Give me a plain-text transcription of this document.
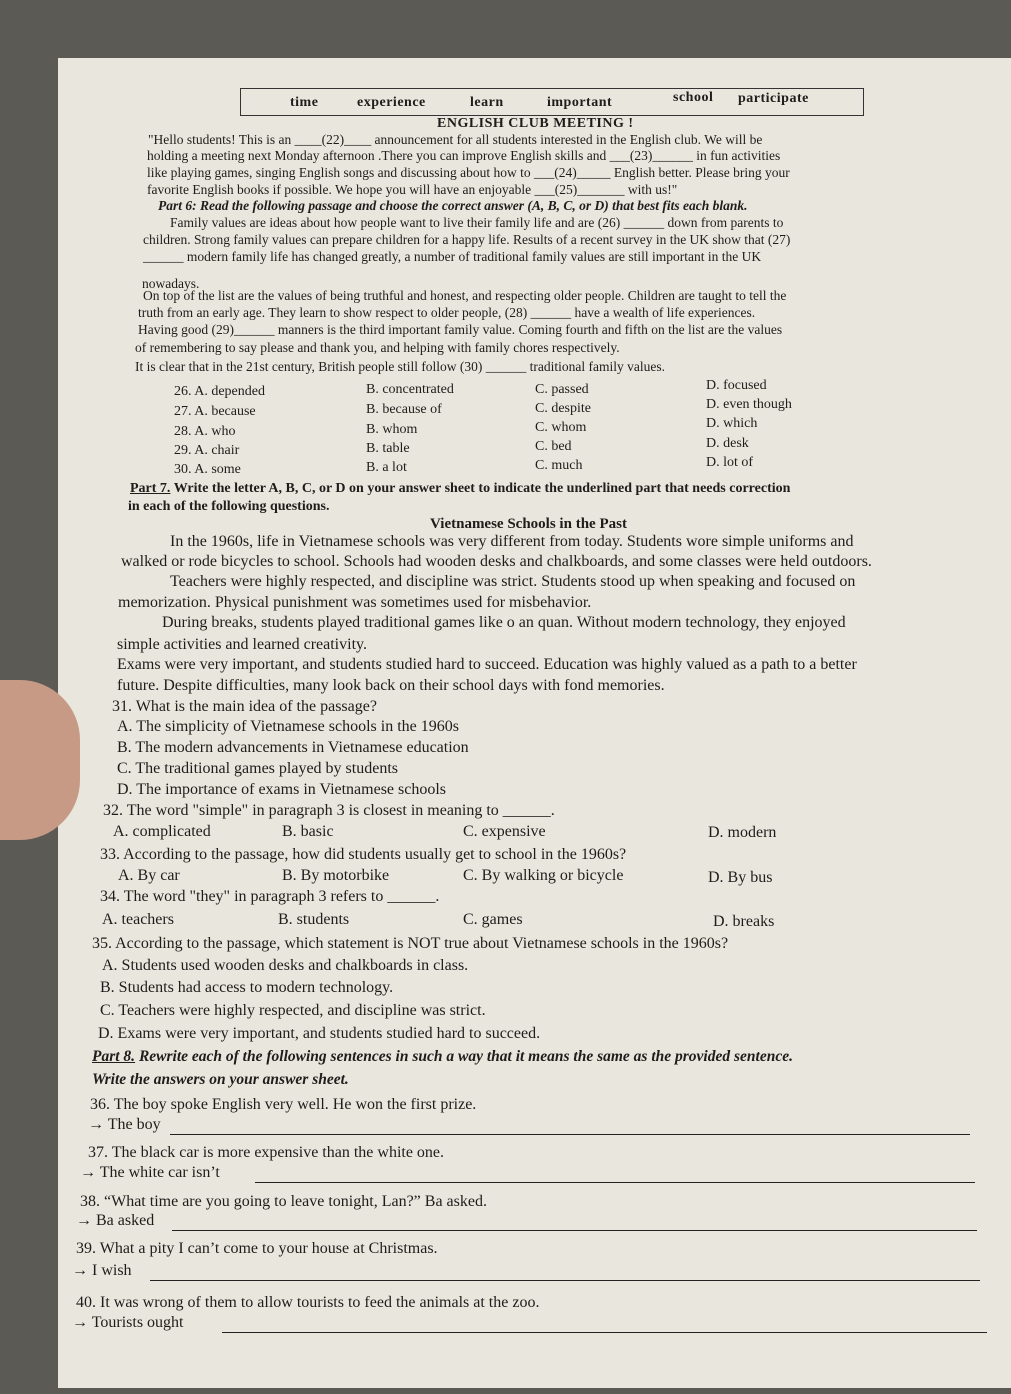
time	experience	learn	important	school participate
ENGLISH CLUB MEETING !
"Hello students! This is an ____(22)____ announcement for all students interested in the English club. We will be
holding a meeting next Monday afternoon .There you can improve English skills and ___(23)______ in fun activities
like playing games, singing English songs and discussing about how to ___(24)_____ English better. Please bring your
favorite English books if possible. We hope you will have an enjoyable ___(25)_______ with us!"
Part 6: Read the following passage and choose the correct answer (A, B, C, or D) that best fits each blank.
Family values are ideas about how people want to live their family life and are (26) ______ down from parents to
children. Strong family values can prepare children for a happy life. Results of a recent survey in the UK show that (27)
______ modern family life has changed greatly, a number of traditional family values are still important in the UK
nowadays.
On top of the list are the values of being truthful and honest, and respecting older people. Children are taught to tell the
truth from an early age. They learn to show respect to older people, (28) ______ have a wealth of life experiences.
Having good (29)______ manners is the third important family value. Coming fourth and fifth on the list are the values
of remembering to say please and thank you, and helping with family chores respectively.
It is clear that in the 21st century, British people still follow (30) ______ traditional family values.
26. A. depended	B. concentrated	C. passed	D. focused
27. A. because	B. because of	C. despite	D. even though
28. A. who	B. whom	C. whom	D. which
29. A. chair	B. table	C. bed	D. desk
30. A. some	B. a lot	C. much	D. lot of
Part 7. Write the letter A, B, C, or D on your answer sheet to indicate the underlined part that needs correction
in each of the following questions.
Vietnamese Schools in the Past
In the 1960s, life in Vietnamese schools was very different from today. Students wore simple uniforms and
walked or rode bicycles to school. Schools had wooden desks and chalkboards, and some classes were held outdoors.
Teachers were highly respected, and discipline was strict. Students stood up when speaking and focused on
memorization. Physical punishment was sometimes used for misbehavior.
During breaks, students played traditional games like o an quan. Without modern technology, they enjoyed
simple activities and learned creativity.
Exams were very important, and students studied hard to succeed. Education was highly valued as a path to a better
future. Despite difficulties, many look back on their school days with fond memories.
31. What is the main idea of the passage?
A. The simplicity of Vietnamese schools in the 1960s
B. The modern advancements in Vietnamese education
C. The traditional games played by students
D. The importance of exams in Vietnamese schools
32. The word "simple" in paragraph 3 is closest in meaning to ______.
A. complicated	B. basic	C. expensive	D. modern
33. According to the passage, how did students usually get to school in the 1960s?
A. By car	B. By motorbike	C. By walking or bicycle	D. By bus
34. The word "they" in paragraph 3 refers to ______.
A. teachers	B. students	C. games	D. breaks
35. According to the passage, which statement is NOT true about Vietnamese schools in the 1960s?
A. Students used wooden desks and chalkboards in class.
B. Students had access to modern technology.
C. Teachers were highly respected, and discipline was strict.
D. Exams were very important, and students studied hard to succeed.
Part 8. Rewrite each of the following sentences in such a way that it means the same as the provided sentence.
Write the answers on your answer sheet.
36. The boy spoke English very well. He won the first prize.
→ The boy
37. The black car is more expensive than the white one.
→ The white car isn’t
38. “What time are you going to leave tonight, Lan?” Ba asked.
→ Ba asked
39. What a pity I can’t come to your house at Christmas.
→ I wish
40. It was wrong of them to allow tourists to feed the animals at the zoo.
→ Tourists ought
